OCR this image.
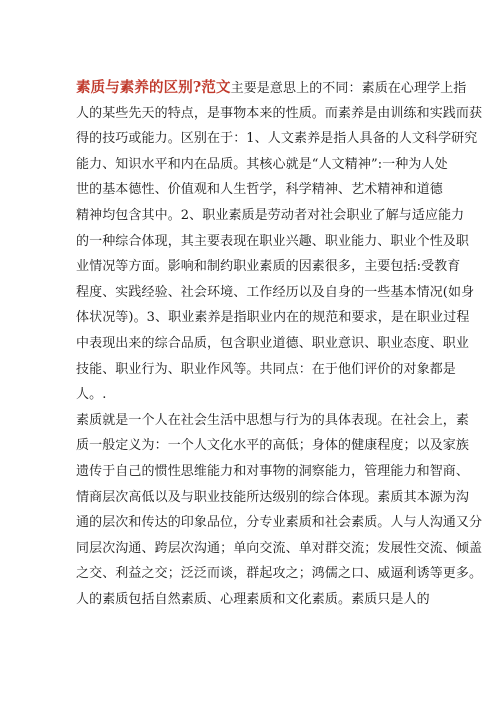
素质与素养的区别?范文主要是意思上的不同：素质在心理学上指
人的某些先天的特点，是事物本来的性质。而素养是由训练和实践而获
得的技巧或能力。区别在于：1、人文素养是指人具备的人文科学研究
能力、知识水平和内在品质。其核心就是“人文精神”:一种为人处
世的基本德性、价值观和人生哲学，科学精神、艺术精神和道德
精神均包含其中。2、职业素质是劳动者对社会职业了解与适应能力
的一种综合体现，其主要表现在职业兴趣、职业能力、职业个性及职
业情况等方面。影响和制约职业素质的因素很多，主要包括:受教育
程度、实践经验、社会环境、工作经历以及自身的一些基本情况(如身
体状况等)。3、职业素养是指职业内在的规范和要求，是在职业过程
中表现出来的综合品质，包含职业道德、职业意识、职业态度、职业
技能、职业行为、职业作风等。共同点：在于他们评价的对象都是
人。.
素质就是一个人在社会生活中思想与行为的具体表现。在社会上，素
质一般定义为：一个人文化水平的高低；身体的健康程度；以及家族
遗传于自己的惯性思维能力和对事物的洞察能力，管理能力和智商、
情商层次高低以及与职业技能所达级别的综合体现。素质其本源为沟
通的层次和传达的印象品位，分专业素质和社会素质。人与人沟通又分
同层次沟通、跨层次沟通；单向交流、单对群交流；发展性交流、倾盖
之交、利益之交；泛泛而谈，群起攻之；鸿儒之口、威逼利诱等更多。
人的素质包括自然素质、心理素质和文化素质。素质只是人的
